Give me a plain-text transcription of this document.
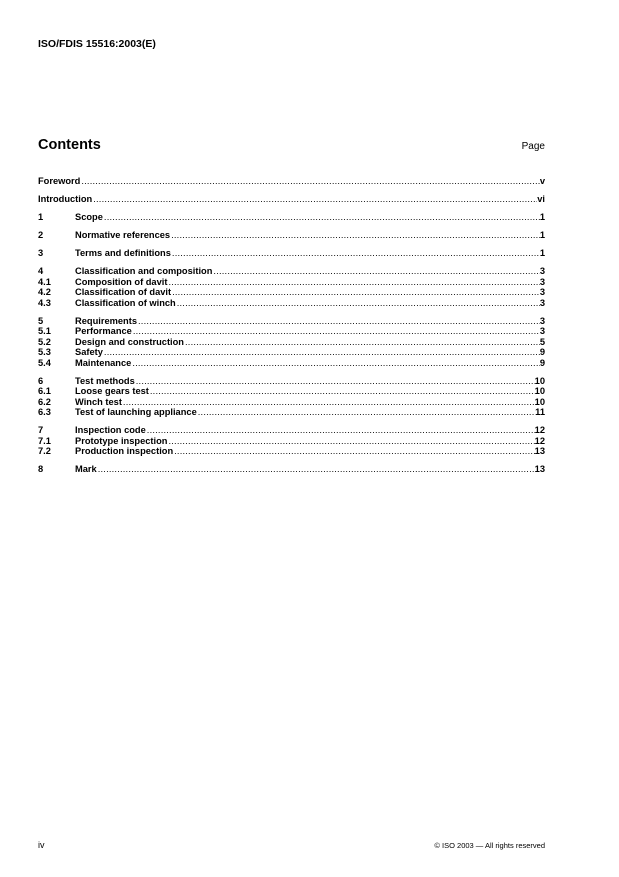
ISO/FDIS 15516:2003(E)
Contents	Page
Foreword .....	v
Introduction .....	vi
1	Scope .....	1
2	Normative references .....	1
3	Terms and definitions .....	1
4	Classification and composition .....	3
4.1	Composition of davit .....	3
4.2	Classification of davit .....	3
4.3	Classification of winch .....	3
5	Requirements .....	3
5.1	Performance .....	3
5.2	Design and construction .....	5
5.3	Safety .....	9
5.4	Maintenance .....	9
6	Test methods .....	10
6.1	Loose gears test .....	10
6.2	Winch test .....	10
6.3	Test of launching appliance .....	11
7	Inspection code .....	12
7.1	Prototype inspection .....	12
7.2	Production inspection .....	13
8	Mark .....	13
iv	© ISO 2003 — All rights reserved
